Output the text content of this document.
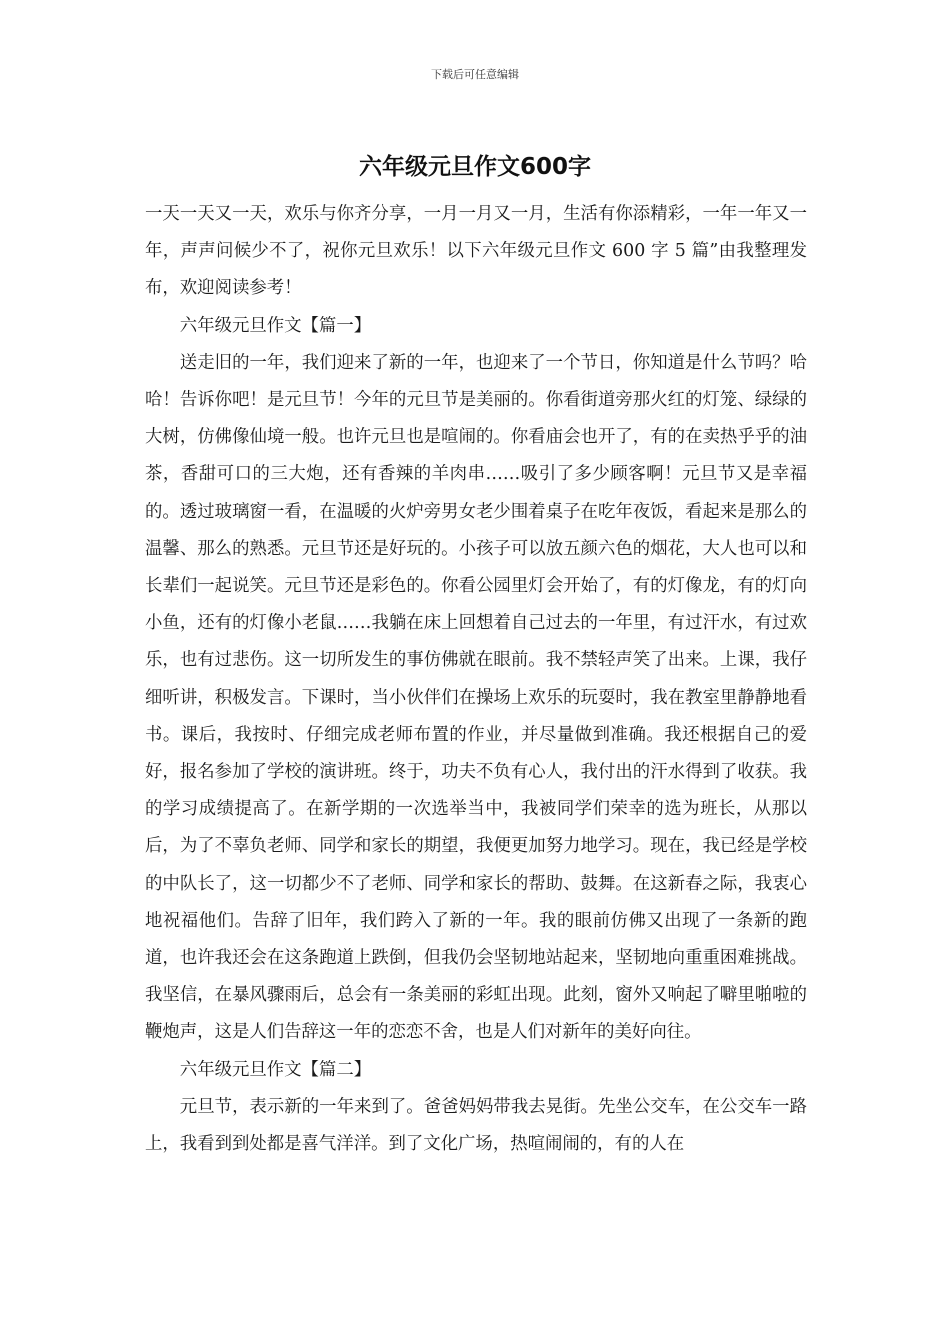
下载后可任意编辑
六年级元旦作文600字

一天一天又一天，欢乐与你齐分享，一月一月又一月，生活有你添精彩，一年一年又一年，声声问候少不了，祝你元旦欢乐！以下六年级元旦作文 600 字 5 篇”由我整理发布，欢迎阅读参考！

六年级元旦作文【篇一】

送走旧的一年，我们迎来了新的一年，也迎来了一个节日，你知道是什么节吗？哈哈！告诉你吧！是元旦节！今年的元旦节是美丽的。你看街道旁那火红的灯笼、绿绿的大树，仿佛像仙境一般。也许元旦也是喧闹的。你看庙会也开了，有的在卖热乎乎的油茶，香甜可口的三大炮，还有香辣的羊肉串……吸引了多少顾客啊！元旦节又是幸福的。透过玻璃窗一看，在温暖的火炉旁男女老少围着桌子在吃年夜饭，看起来是那么的温馨、那么的熟悉。元旦节还是好玩的。小孩子可以放五颜六色的烟花，大人也可以和长辈们一起说笑。元旦节还是彩色的。你看公园里灯会开始了，有的灯像龙，有的灯向小鱼，还有的灯像小老鼠……我躺在床上回想着自己过去的一年里，有过汗水，有过欢乐，也有过悲伤。这一切所发生的事仿佛就在眼前。我不禁轻声笑了出来。上课，我仔细听讲，积极发言。下课时，当小伙伴们在操场上欢乐的玩耍时，我在教室里静静地看书。课后，我按时、仔细完成老师布置的作业，并尽量做到准确。我还根据自己的爱好，报名参加了学校的演讲班。终于，功夫不负有心人，我付出的汗水得到了收获。我的学习成绩提高了。在新学期的一次选举当中，我被同学们荣幸的选为班长，从那以后，为了不辜负老师、同学和家长的期望，我便更加努力地学习。现在，我已经是学校的中队长了，这一切都少不了老师、同学和家长的帮助、鼓舞。在这新春之际，我衷心地祝福他们。告辞了旧年，我们跨入了新的一年。我的眼前仿佛又出现了一条新的跑道，也许我还会在这条跑道上跌倒，但我仍会坚韧地站起来，坚韧地向重重困难挑战。我坚信，在暴风骤雨后，总会有一条美丽的彩虹出现。此刻，窗外又响起了噼里啪啦的鞭炮声，这是人们告辞这一年的恋恋不舍，也是人们对新年的美好向往。

六年级元旦作文【篇二】

元旦节，表示新的一年来到了。爸爸妈妈带我去晃街。先坐公交车，在公交车一路上，我看到到处都是喜气洋洋。到了文化广场，热喧闹闹的，有的人在
